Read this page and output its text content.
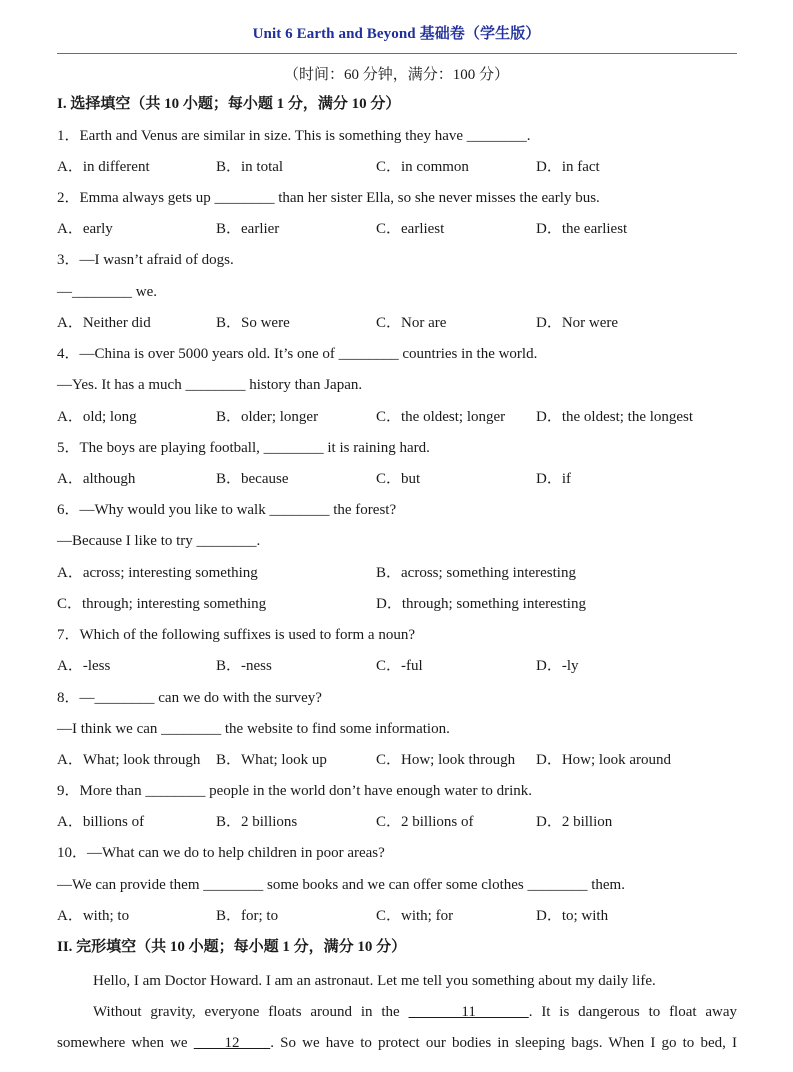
Unit 6 Earth and Beyond 基础卷（学生版）
（时间：60 分钟，满分：100 分）
I. 选择填空（共 10 小题；每小题 1 分，满分 10 分）
1．Earth and Venus are similar in size. This is something they have ________.
A．in different	B．in total	C．in common	D．in fact
2．Emma always gets up ________ than her sister Ella, so she never misses the early bus.
A．early	B．earlier	C．earliest	D．the earliest
3．—I wasn’t afraid of dogs.
—________ we.
A．Neither did	B．So were	C．Nor are	D．Nor were
4．—China is over 5000 years old. It’s one of ________ countries in the world.
—Yes. It has a much ________ history than Japan.
A．old; long	B．older; longer	C．the oldest; longer D．the oldest; the longest
5．The boys are playing football, ________ it is raining hard.
A．although	B．because	C．but	D．if
6．—Why would you like to walk ________ the forest?
—Because I like to try ________.
A．across; interesting something	B．across; something interesting
C．through; interesting something	D．through; something interesting
7．Which of the following suffixes is used to form a noun?
A．-less	B．-ness	C．-ful	D．-ly
8．—________ can we do with the survey?
—I think we can ________ the website to find some information.
A．What; look through B．What; look up	C．How; look through D．How; look around
9．More than ________ people in the world don’t have enough water to drink.
A．billions of	B．2 billions	C．2 billions of	D．2 billion
10．—What can we do to help children in poor areas?
—We can provide them ________ some books and we can offer some clothes ________ them.
A．with; to	B．for; to	C．with; for	D．to; with
II. 完形填空（共 10 小题；每小题 1 分，满分 10 分）
Hello, I am Doctor Howard. I am an astronaut. Let me tell you something about my daily life.
Without gravity, everyone floats around in the       11      . It is dangerous to float away
somewhere when we      12     . So we have to protect our bodies in sleeping bags. When I go to bed, I
